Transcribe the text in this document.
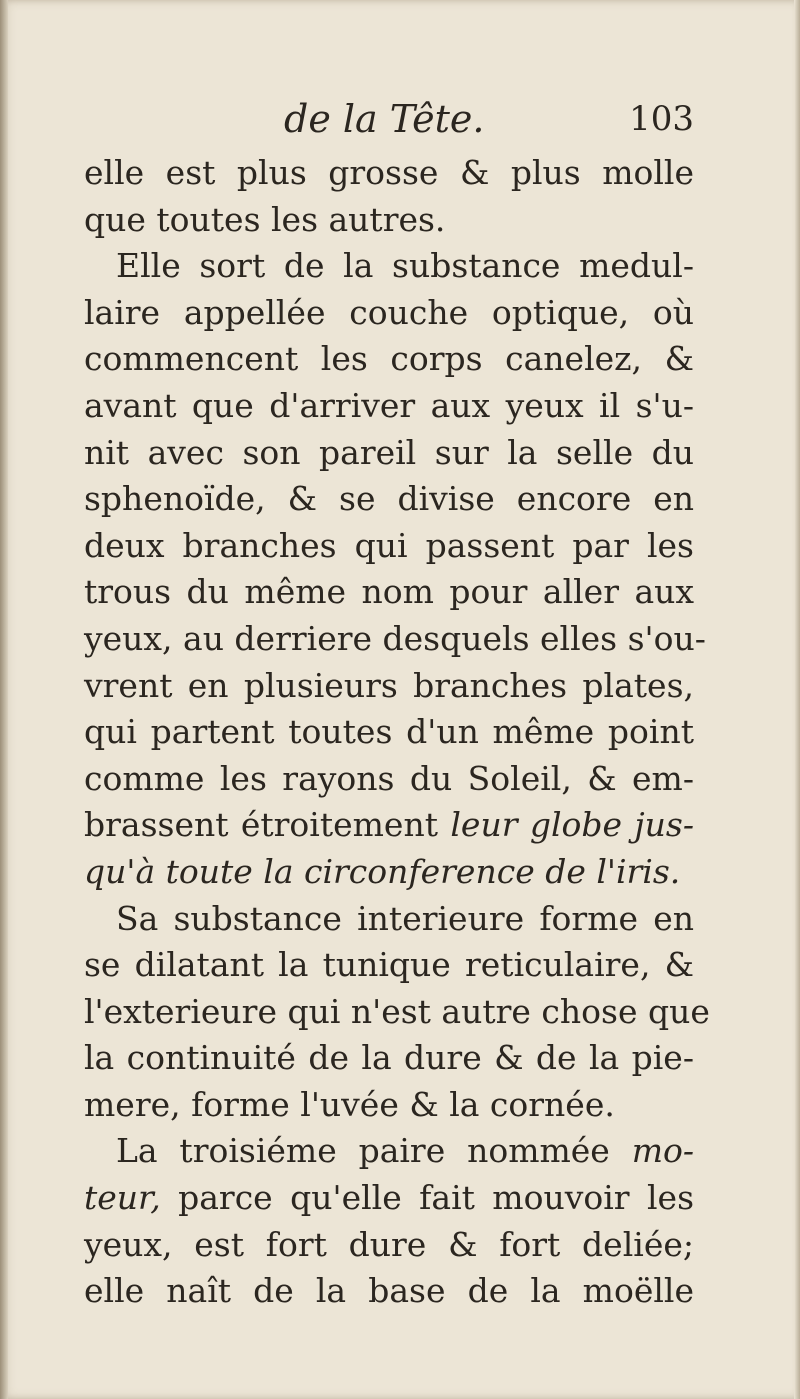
de la Tête.	103
elle est plus grosse & plus molle
que toutes les autres.
Elle sort de la substance medul-
laire appellée couche optique, où
commencent les corps canelez, &
avant que d'arriver aux yeux il s'u-
nit avec son pareil sur la selle du
sphenoïde, & se divise encore en
deux branches qui passent par les
trous du même nom pour aller aux
yeux, au derriere desquels elles s'ou-
vrent en plusieurs branches plates,
qui partent toutes d'un même point
comme les rayons du Soleil, & em-
brassent étroitement leur globe jus-
qu'à toute la circonference de l'iris.
Sa substance interieure forme en
se dilatant la tunique reticulaire, &
l'exterieure qui n'est autre chose que
la continuité de la dure & de la pie-
mere, forme l'uvée & la cornée.
La troisiéme paire nommée mo-
teur, parce qu'elle fait mouvoir les
yeux, est fort dure & fort deliée;
elle naît de la base de la moëlle
